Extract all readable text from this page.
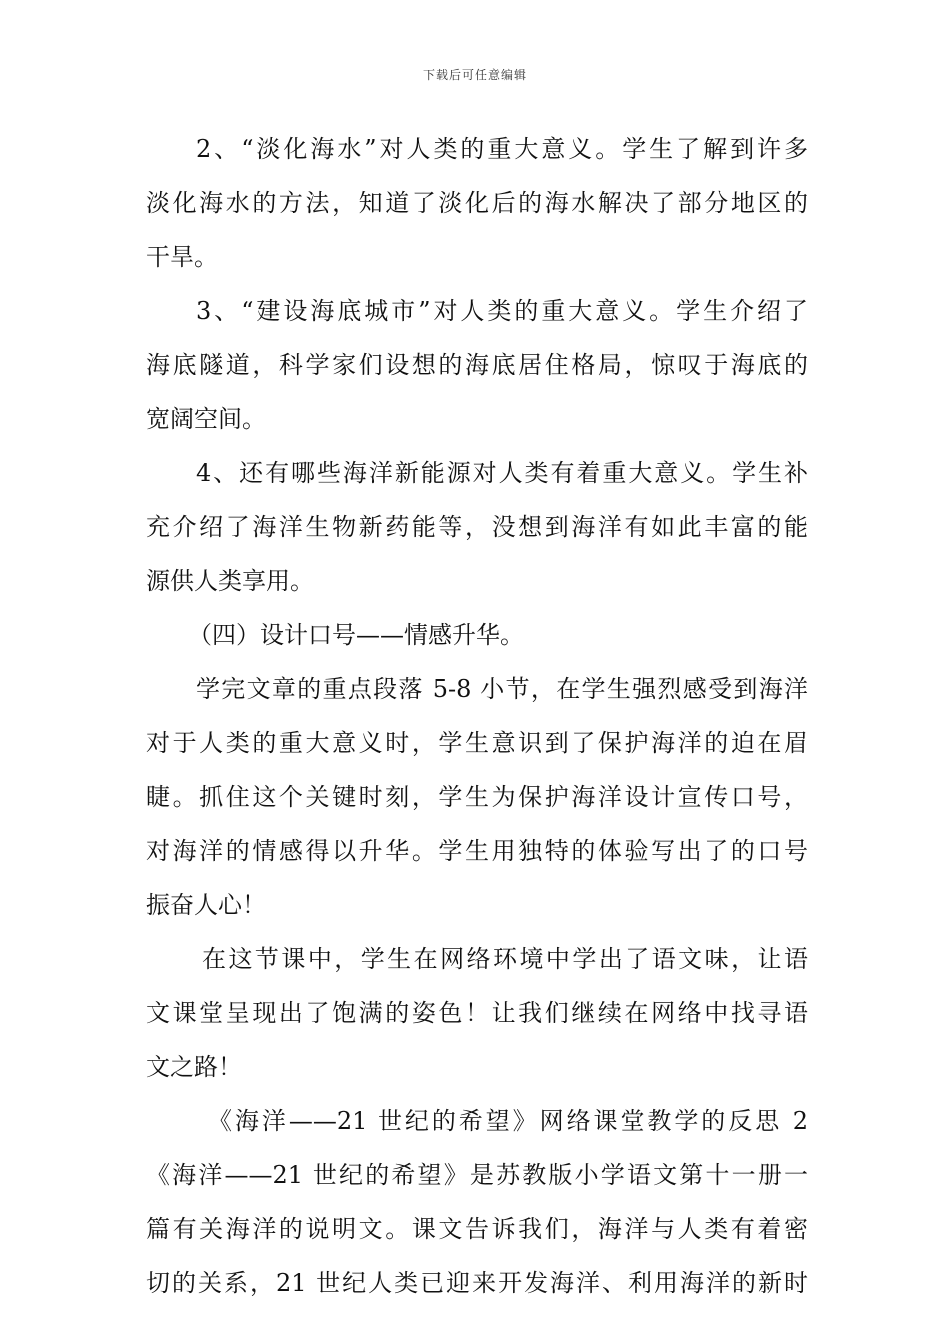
下载后可任意编辑
2、“淡化海水”对人类的重大意义。学生了解到许多
淡化海水的方法，知道了淡化后的海水解决了部分地区的
干旱。
3、“建设海底城市”对人类的重大意义。学生介绍了
海底隧道，科学家们设想的海底居住格局，惊叹于海底的
宽阔空间。
4、还有哪些海洋新能源对人类有着重大意义。学生补
充介绍了海洋生物新药能等，没想到海洋有如此丰富的能
源供人类享用。
（四）设计口号——情感升华。
学完文章的重点段落 5-8 小节，在学生强烈感受到海洋
对于人类的重大意义时，学生意识到了保护海洋的迫在眉
睫。抓住这个关键时刻，学生为保护海洋设计宣传口号，
对海洋的情感得以升华。学生用独特的体验写出了的口号
振奋人心！
在这节课中，学生在网络环境中学出了语文味，让语
文课堂呈现出了饱满的姿色！让我们继续在网络中找寻语
文之路！
《海洋——21 世纪的希望》网络课堂教学的反思 2
《海洋——21 世纪的希望》是苏教版小学语文第十一册一
篇有关海洋的说明文。课文告诉我们，海洋与人类有着密
切的关系，21 世纪人类已迎来开发海洋、利用海洋的新时
